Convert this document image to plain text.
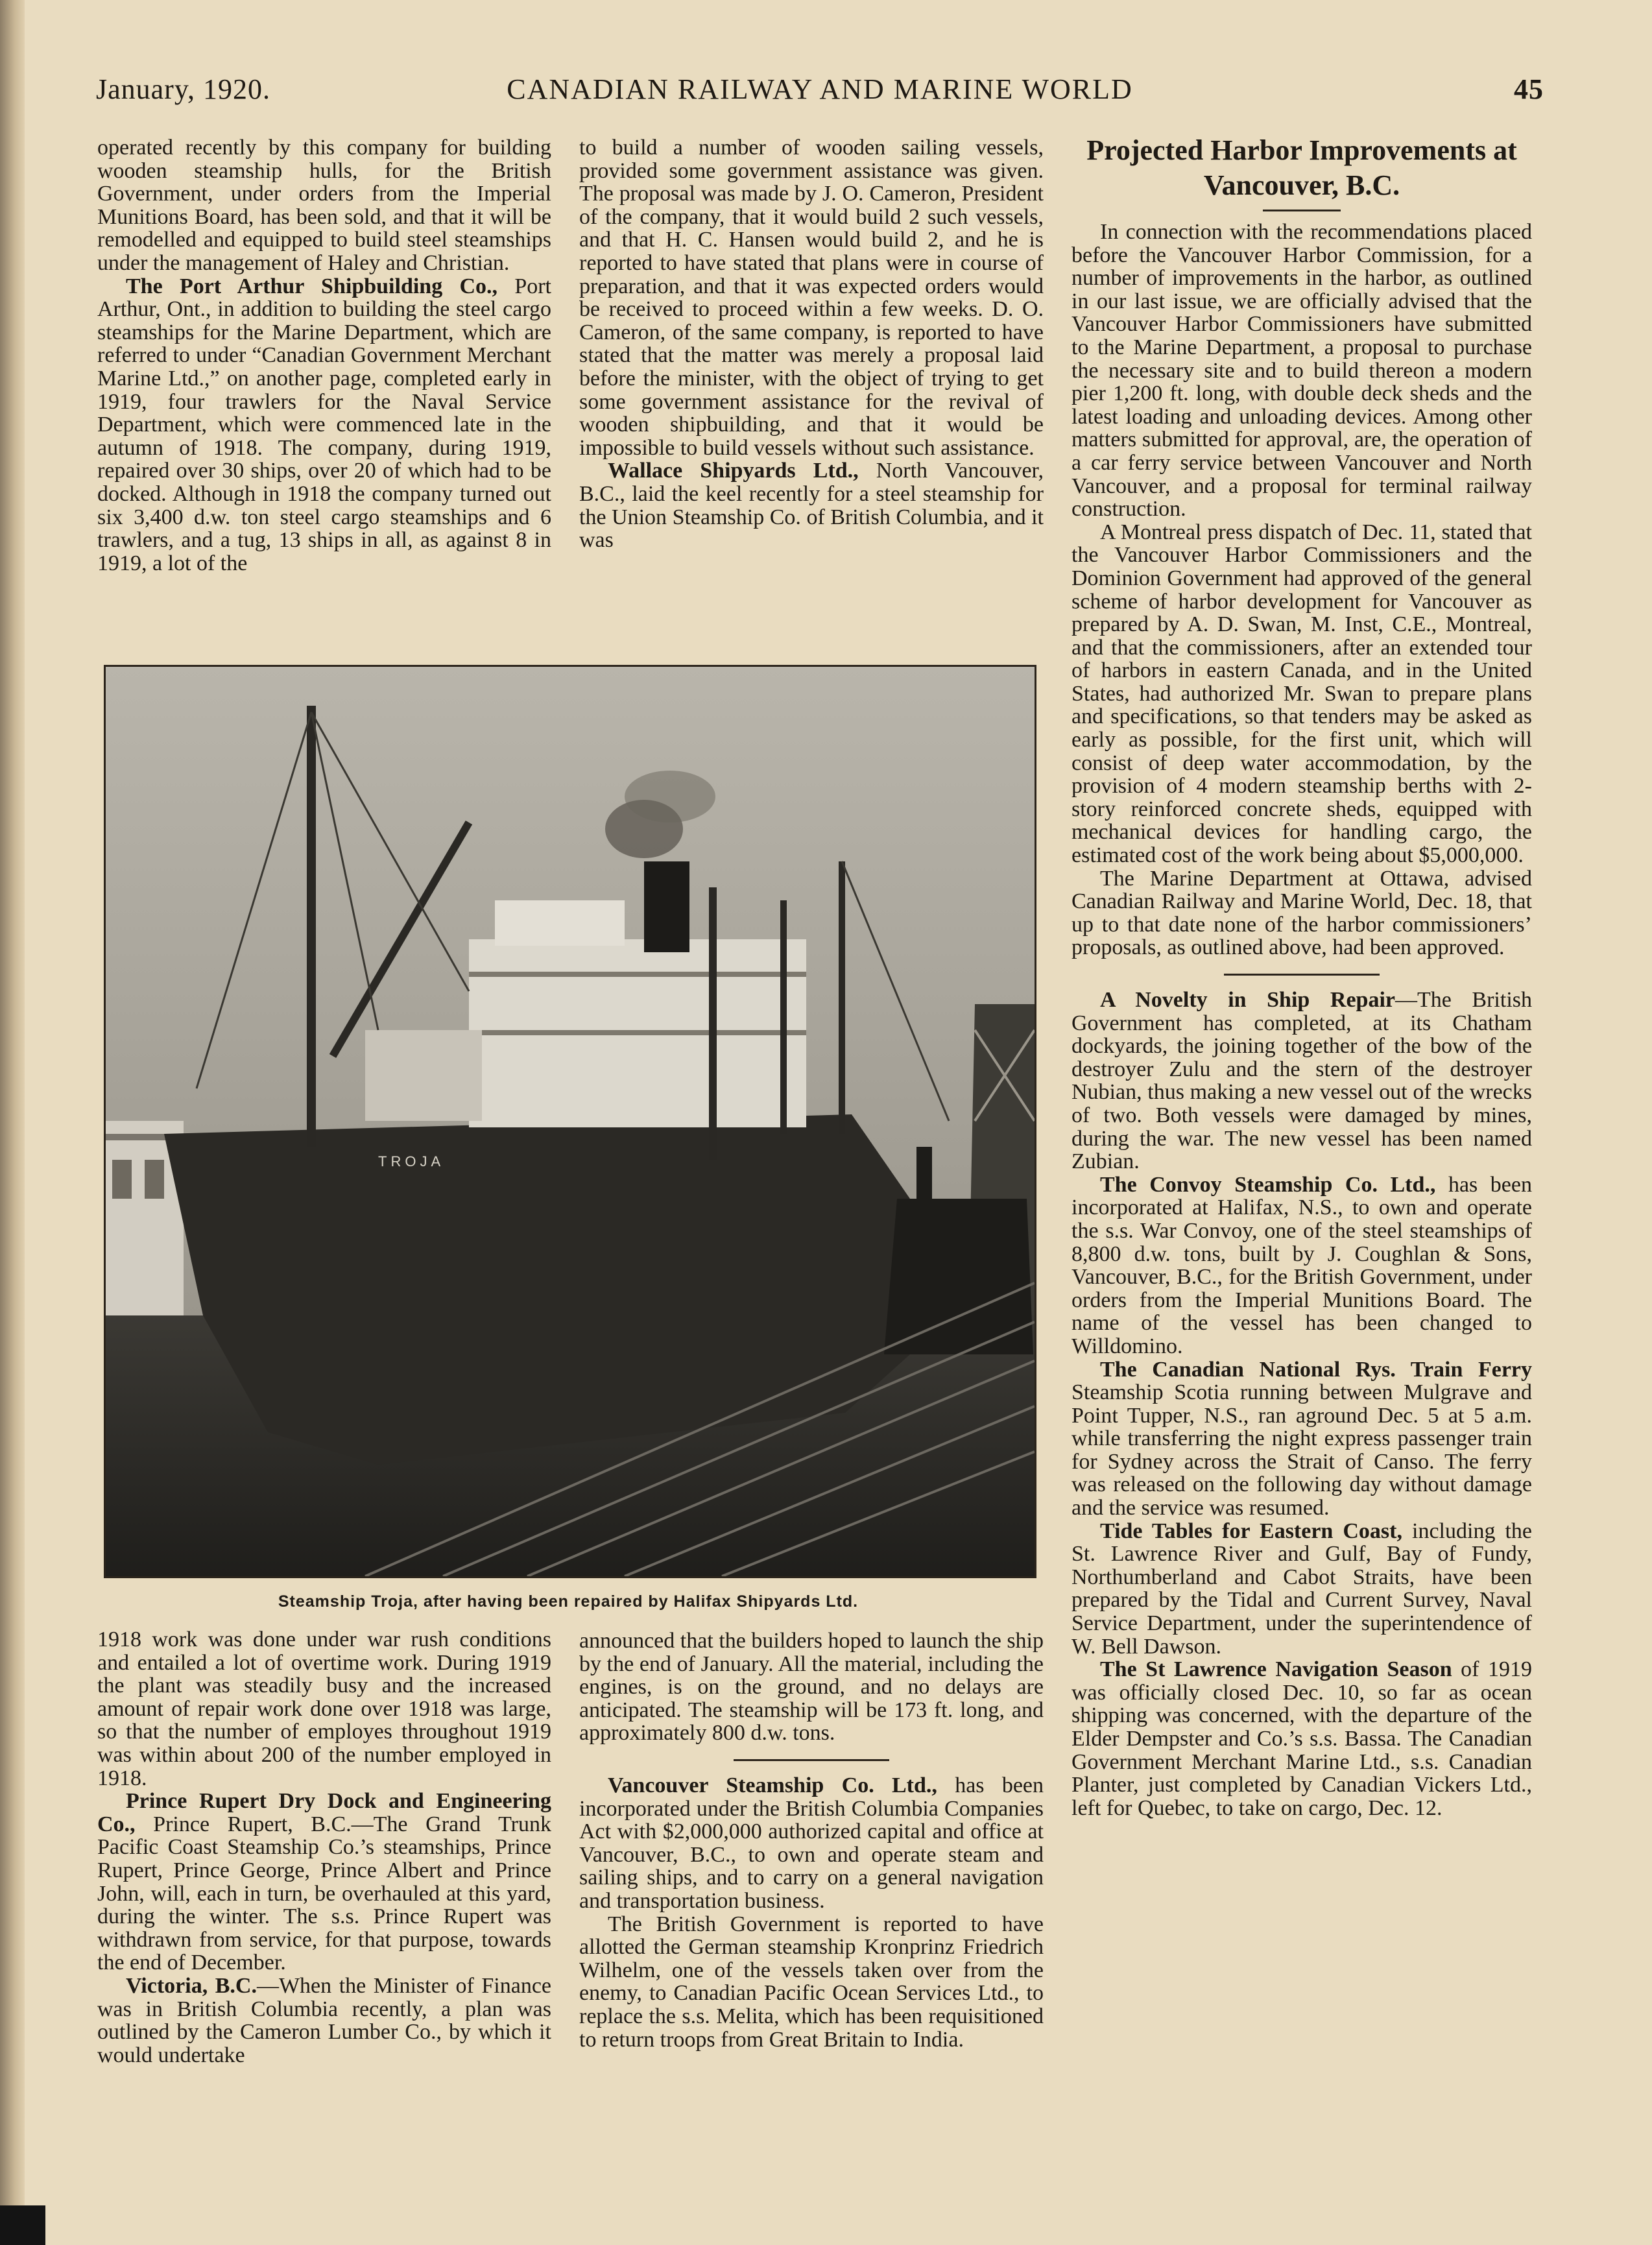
CANADIAN RAILWAY AND MARINE WORLD
January, 1920.	45

operated recently by this company for building wooden steamship hulls, for the British Government, under orders from the Imperial Munitions Board, has been sold, and that it will be remodelled and equipped to build steel steamships under the management of Haley and Christian.

The Port Arthur Shipbuilding Co., Port Arthur, Ont., in addition to building the steel cargo steamships for the Marine Department, which are referred to under “Canadian Government Merchant Marine Ltd.,” on another page, completed early in 1919, four trawlers for the Naval Service Department, which were commenced late in the autumn of 1918. The company, during 1919, repaired over 30 ships, over 20 of which had to be docked. Although in 1918 the company turned out six 3,400 d.w. ton steel cargo steamships and 6 trawlers, and a tug, 13 ships in all, as against 8 in 1919, a lot of the

to build a number of wooden sailing vessels, provided some government assistance was given. The proposal was made by J. O. Cameron, President of the company, that it would build 2 such vessels, and that H. C. Hansen would build 2, and he is reported to have stated that plans were in course of preparation, and that it was expected orders would be received to proceed within a few weeks. D. O. Cameron, of the same company, is reported to have stated that the matter was merely a proposal laid before the minister, with the object of trying to get some government assistance for the revival of wooden shipbuilding, and that it would be impossible to build vessels without such assistance.

Wallace Shipyards Ltd., North Vancouver, B.C., laid the keel recently for a steel steamship for the Union Steamship Co. of British Columbia, and it was

TROJA
Steamship Troja, after having been repaired by Halifax Shipyards Ltd.

1918 work was done under war rush conditions and entailed a lot of overtime work. During 1919 the plant was steadily busy and the increased amount of repair work done over 1918 was large, so that the number of employes throughout 1919 was within about 200 of the number employed in 1918.

Prince Rupert Dry Dock and Engineering Co., Prince Rupert, B.C.—The Grand Trunk Pacific Coast Steamship Co.’s steamships, Prince Rupert, Prince George, Prince Albert and Prince John, will, each in turn, be overhauled at this yard, during the winter. The s.s. Prince Rupert was withdrawn from service, for that purpose, towards the end of December.

Victoria, B.C.—When the Minister of Finance was in British Columbia recently, a plan was outlined by the Cameron Lumber Co., by which it would undertake

announced that the builders hoped to launch the ship by the end of January. All the material, including the engines, is on the ground, and no delays are anticipated. The steamship will be 173 ft. long, and approximately 800 d.w. tons.

Vancouver Steamship Co. Ltd., has been incorporated under the British Columbia Companies Act with $2,000,000 authorized capital and office at Vancouver, B.C., to own and operate steam and sailing ships, and to carry on a general navigation and transportation business.

The British Government is reported to have allotted the German steamship Kronprinz Friedrich Wilhelm, one of the vessels taken over from the enemy, to Canadian Pacific Ocean Services Ltd., to replace the s.s. Melita, which has been requisitioned to return troops from Great Britain to India.

Projected Harbor Improvements at Vancouver, B.C.

In connection with the recommendations placed before the Vancouver Harbor Commission, for a number of improvements in the harbor, as outlined in our last issue, we are officially advised that the Vancouver Harbor Commissioners have submitted to the Marine Department, a proposal to purchase the necessary site and to build thereon a modern pier 1,200 ft. long, with double deck sheds and the latest loading and unloading devices. Among other matters submitted for approval, are, the operation of a car ferry service between Vancouver and North Vancouver, and a proposal for terminal railway construction.

A Montreal press dispatch of Dec. 11, stated that the Vancouver Harbor Commissioners and the Dominion Government had approved of the general scheme of harbor development for Vancouver as prepared by A. D. Swan, M. Inst, C.E., Montreal, and that the commissioners, after an extended tour of harbors in eastern Canada, and in the United States, had authorized Mr. Swan to prepare plans and specifications, so that tenders may be asked as early as possible, for the first unit, which will consist of deep water accommodation, by the provision of 4 modern steamship berths with 2-story reinforced concrete sheds, equipped with mechanical devices for handling cargo, the estimated cost of the work being about $5,000,000.

The Marine Department at Ottawa, advised Canadian Railway and Marine World, Dec. 18, that up to that date none of the harbor commissioners’ proposals, as outlined above, had been approved.

A Novelty in Ship Repair—The British Government has completed, at its Chatham dockyards, the joining together of the bow of the destroyer Zulu and the stern of the destroyer Nubian, thus making a new vessel out of the wrecks of two. Both vessels were damaged by mines, during the war. The new vessel has been named Zubian.

The Convoy Steamship Co. Ltd., has been incorporated at Halifax, N.S., to own and operate the s.s. War Convoy, one of the steel steamships of 8,800 d.w. tons, built by J. Coughlan & Sons, Vancouver, B.C., for the British Government, under orders from the Imperial Munitions Board. The name of the vessel has been changed to Willdomino.

The Canadian National Rys. Train Ferry Steamship Scotia running between Mulgrave and Point Tupper, N.S., ran aground Dec. 5 at 5 a.m. while transferring the night express passenger train for Sydney across the Strait of Canso. The ferry was released on the following day without damage and the service was resumed.

Tide Tables for Eastern Coast, including the St. Lawrence River and Gulf, Bay of Fundy, Northumberland and Cabot Straits, have been prepared by the Tidal and Current Survey, Naval Service Department, under the superintendence of W. Bell Dawson.

The St Lawrence Navigation Season of 1919 was officially closed Dec. 10, so far as ocean shipping was concerned, with the departure of the Elder Dempster and Co.’s s.s. Bassa. The Canadian Government Merchant Marine Ltd., s.s. Canadian Planter, just completed by Canadian Vickers Ltd., left for Quebec, to take on cargo, Dec. 12.
